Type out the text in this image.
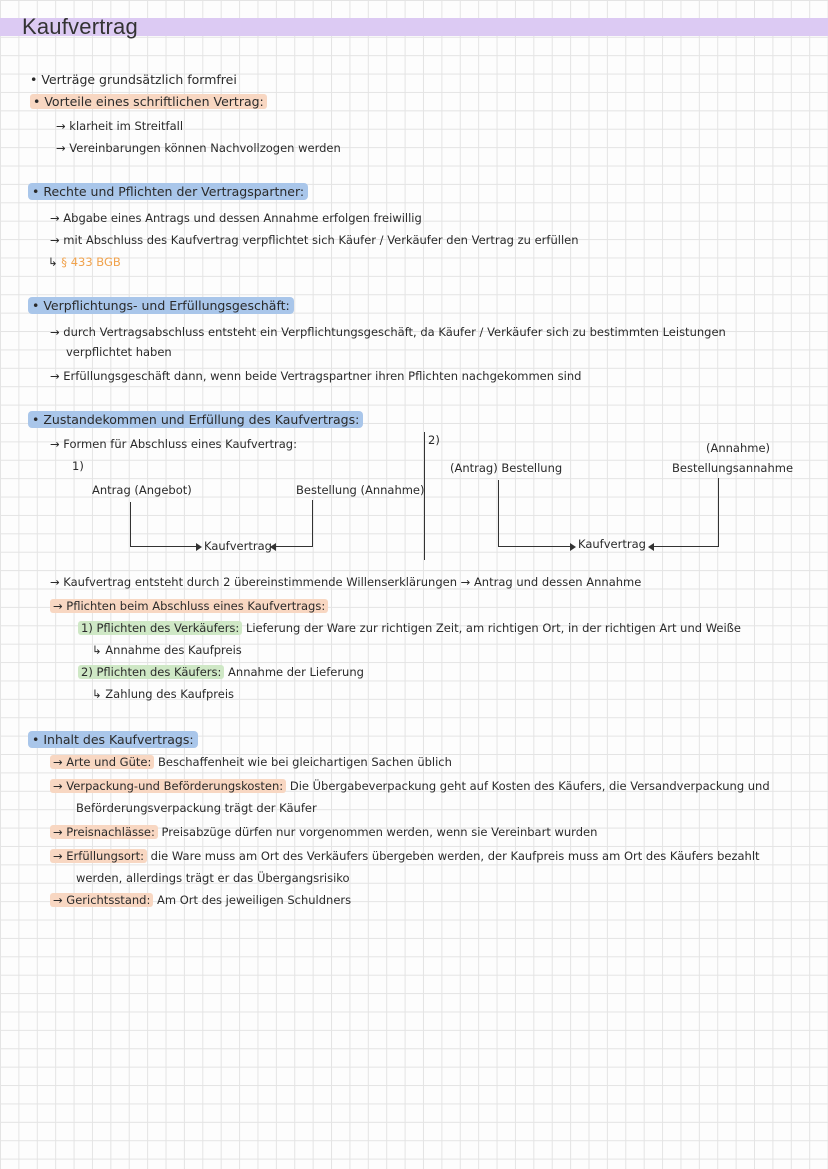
Kaufvertrag
• Verträge grundsätzlich formfrei
• Vorteile eines schriftlichen Vertrag:
→ klarheit im Streitfall
→ Vereinbarungen können Nachvollzogen werden
• Rechte und Pflichten der Vertragspartner:
→ Abgabe eines Antrags und dessen Annahme erfolgen freiwillig
→ mit Abschluss des Kaufvertrag verpflichtet sich Käufer / Verkäufer den Vertrag zu erfüllen
↳ § 433 BGB
• Verpflichtungs- und Erfüllungsgeschäft:
→ durch Vertragsabschluss entsteht ein Verpflichtungsgeschäft, da Käufer / Verkäufer sich zu bestimmten Leistungen
verpflichtet haben
→ Erfüllungsgeschäft dann, wenn beide Vertragspartner ihren Pflichten nachgekommen sind
• Zustandekommen und Erfüllung des Kaufvertrags:
→ Formen für Abschluss eines Kaufvertrag:
1)
Antrag (Angebot)	Bestellung (Annahme)
Kaufvertrag
2)
(Antrag) Bestellung
(Annahme)
Bestellungsannahme
Kaufvertrag
→ Kaufvertrag entsteht durch 2 übereinstimmende Willenserklärungen → Antrag und dessen Annahme
→ Pflichten beim Abschluss eines Kaufvertrags:
1) Pflichten des Verkäufers: Lieferung der Ware zur richtigen Zeit, am richtigen Ort, in der richtigen Art und Weiße
↳ Annahme des Kaufpreis
2) Pflichten des Käufers: Annahme der Lieferung
↳ Zahlung des Kaufpreis
• Inhalt des Kaufvertrags:
→ Arte und Güte: Beschaffenheit wie bei gleichartigen Sachen üblich
→ Verpackung-und Beförderungskosten: Die Übergabeverpackung geht auf Kosten des Käufers, die Versandverpackung und
Beförderungsverpackung trägt der Käufer
→ Preisnachlässe: Preisabzüge dürfen nur vorgenommen werden, wenn sie Vereinbart wurden
→ Erfüllungsort: die Ware muss am Ort des Verkäufers übergeben werden, der Kaufpreis muss am Ort des Käufers bezahlt
werden, allerdings trägt er das Übergangsrisiko
→ Gerichtsstand: Am Ort des jeweiligen Schuldners
